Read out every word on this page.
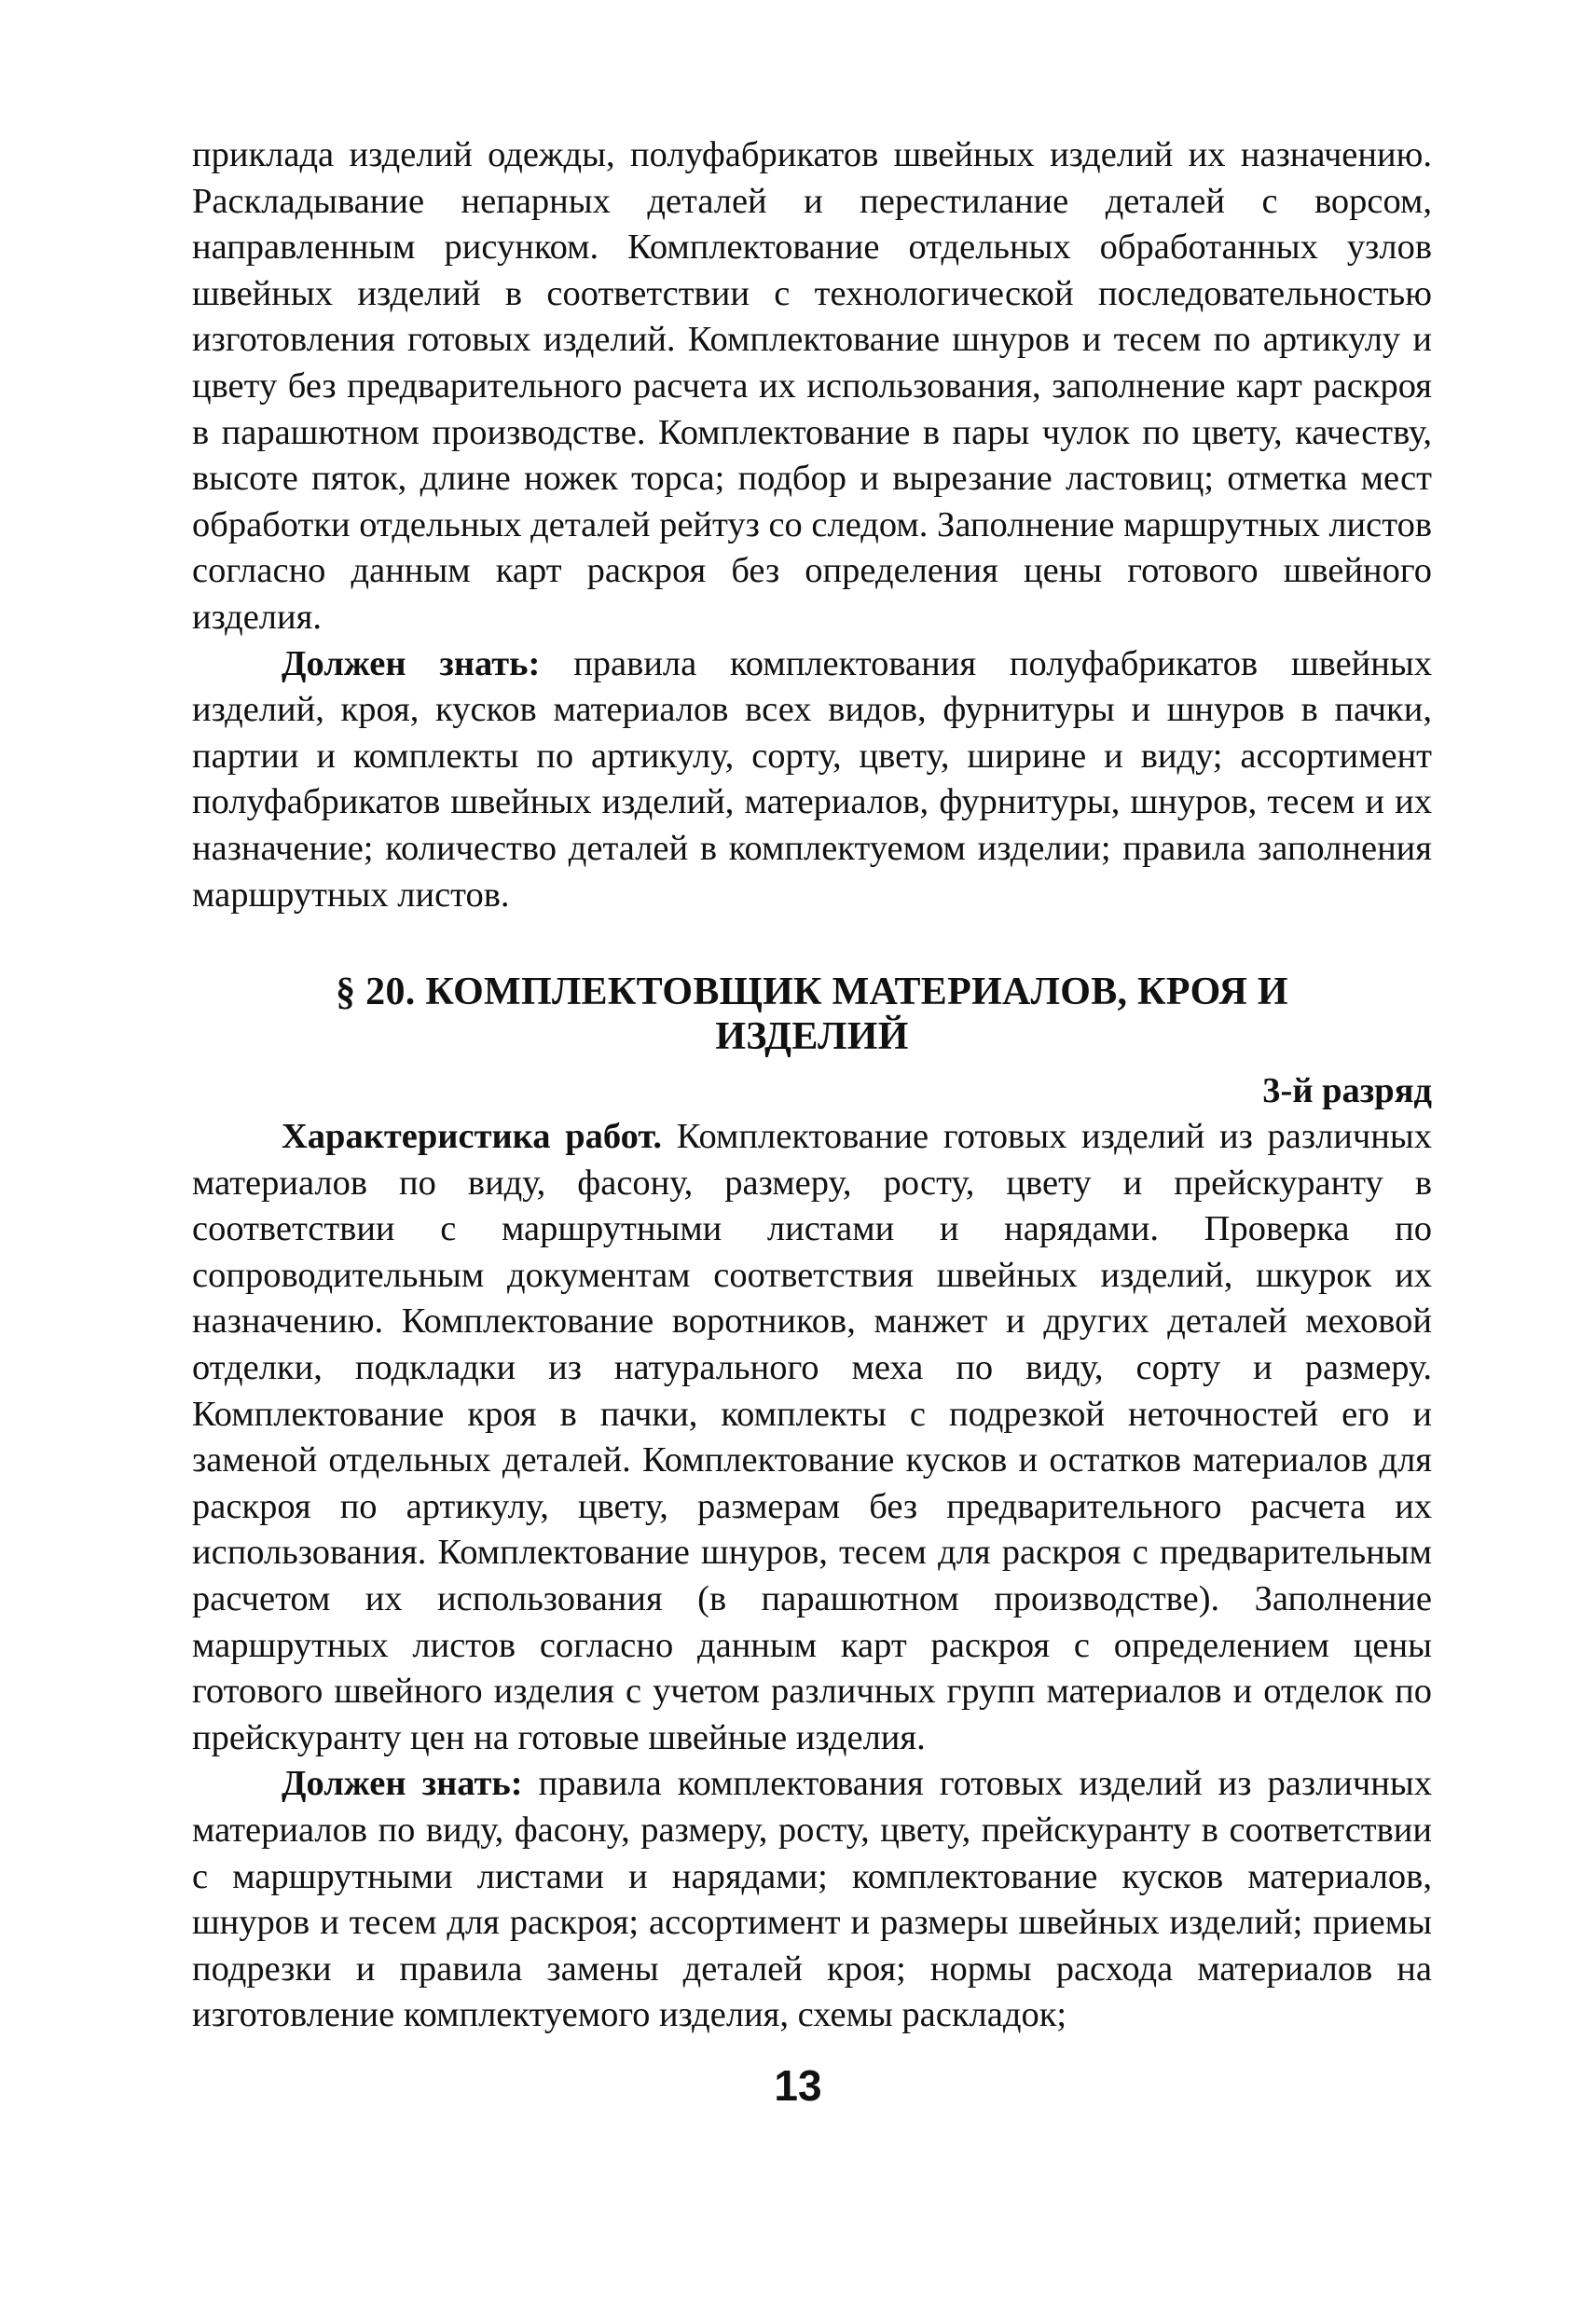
приклада изделий одежды, полуфабрикатов швейных изделий их назначению. Раскладывание непарных деталей и перестилание деталей с ворсом, направленным рисунком. Комплектование отдельных обработанных узлов швейных изделий в соответствии с технологической последовательностью изготовления готовых изделий. Комплектование шнуров и тесем по артикулу и цвету без предварительного расчета их использования, заполнение карт раскроя в парашютном производстве. Комплектование в пары чулок по цвету, качеству, высоте пяток, длине ножек торса; подбор и вырезание ластовиц; отметка мест обработки отдельных деталей рейтуз со следом. Заполнение маршрутных листов согласно данным карт раскроя без определения цены готового швейного изделия.

Должен знать: правила комплектования полуфабрикатов швейных изделий, кроя, кусков материалов всех видов, фурнитуры и шнуров в пачки, партии и комплекты по артикулу, сорту, цвету, ширине и виду; ассортимент полуфабрикатов швейных изделий, материалов, фурнитуры, шнуров, тесем и их назначение; количество деталей в комплектуемом изделии; правила заполнения маршрутных листов.

§ 20. КОМПЛЕКТОВЩИК МАТЕРИАЛОВ, КРОЯ И
ИЗДЕЛИЙ
3-й разряд

Характеристика работ. Комплектование готовых изделий из различных материалов по виду, фасону, размеру, росту, цвету и прейскуранту в соответствии с маршрутными листами и нарядами. Проверка по сопроводительным документам соответствия швейных изделий, шкурок их назначению. Комплектование воротников, манжет и других деталей меховой отделки, подкладки из натурального меха по виду, сорту и размеру. Комплектование кроя в пачки, комплекты с подрезкой неточностей его и заменой отдельных деталей. Комплектование кусков и остатков материалов для раскроя по артикулу, цвету, размерам без предварительного расчета их использования. Комплектование шнуров, тесем для раскроя с предварительным расчетом их использования (в парашютном производстве). Заполнение маршрутных листов согласно данным карт раскроя с определением цены готового швейного изделия с учетом различных групп материалов и отделок по прейскуранту цен на готовые швейные изделия.

Должен знать: правила комплектования готовых изделий из различных материалов по виду, фасону, размеру, росту, цвету, прейскуранту в соответствии с маршрутными листами и нарядами; комплектование кусков материалов, шнуров и тесем для раскроя; ассортимент и размеры швейных изделий; приемы подрезки и правила замены деталей кроя; нормы расхода материалов на изготовление комплектуемого изделия, схемы раскладок;

13
